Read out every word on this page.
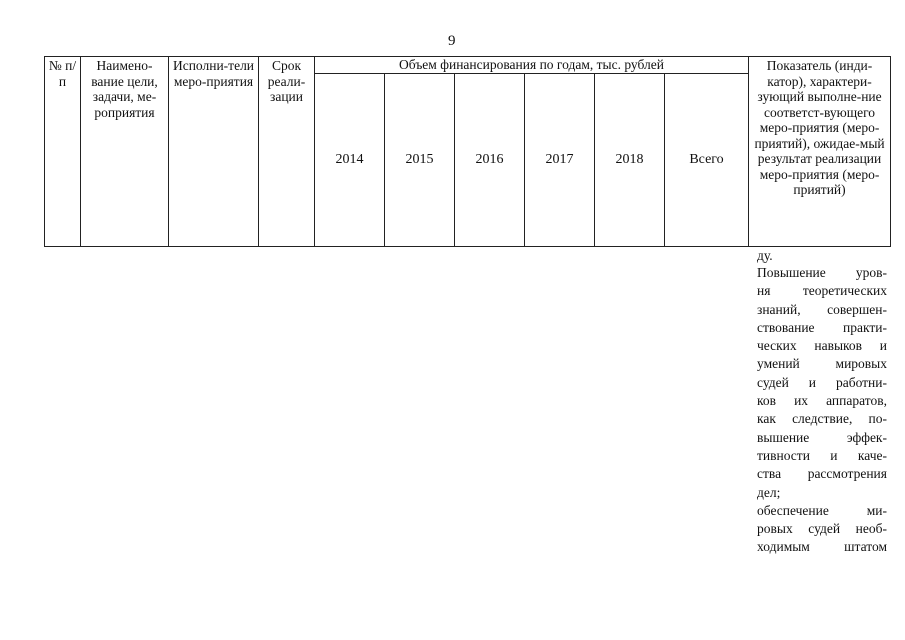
9
№ п/п	Наимено-вание цели, задачи, ме-роприятия	Исполни-тели меро-приятия	Срок реали-зации	Объем финансирования по годам, тыс. рублей						Показатель (инди-катор), характери-зующий выполне-ние соответст-вующего меро-приятия (меро-приятий), ожидае-мый результат реализации меро-приятия (меро-приятий)

				2014	2015	2016	2017	2018	Всего	
ду.
Повышение уров-
ня теоретических
знаний, совершен-
ствование практи-
ческих навыков и
умений	мировых
судей и работни-
ков их аппаратов,
как следствие, по-
вышение	эффек-
тивности и каче-
ства рассмотрения
дел;
обеспечение	ми-
ровых судей необ-
ходимым	штатом
